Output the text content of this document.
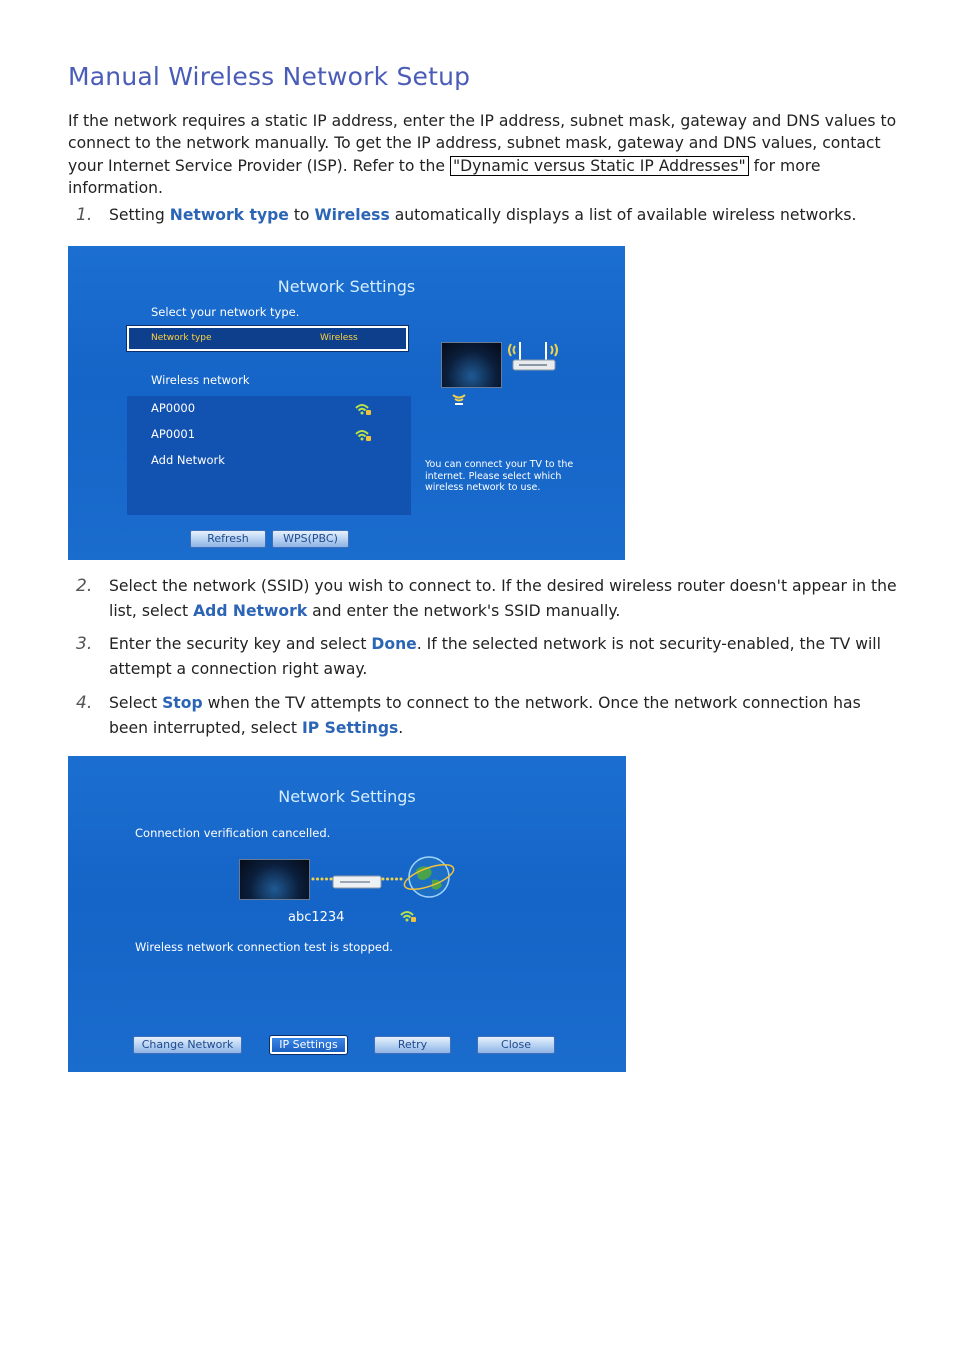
Manual Wireless Network Setup

If the network requires a static IP address, enter the IP address, subnet mask, gateway and DNS values to connect to the network manually. To get the IP address, subnet mask, gateway and DNS values, contact your Internet Service Provider (ISP). Refer to the "Dynamic versus Static IP Addresses" for more information.

1. Setting Network type to Wireless automatically displays a list of available wireless networks.
Network Settings
Select your network type.
Network type	Wireless
Wireless network
AP0000
AP0001
Add Network	You can connect your TV to the internet. Please select which wireless network to use.
Refresh	WPS(PBC)
2. Select the network (SSID) you wish to connect to. If the desired wireless router doesn't appear in the list, select Add Network and enter the network's SSID manually.
3. Enter the security key and select Done. If the selected network is not security-enabled, the TV will attempt a connection right away.
4. Select Stop when the TV attempts to connect to the network. Once the network connection has been interrupted, select IP Settings.
Network Settings
Connection verification cancelled.
abc1234
Wireless network connection test is stopped.
Change Network	IP Settings	Retry	Close
